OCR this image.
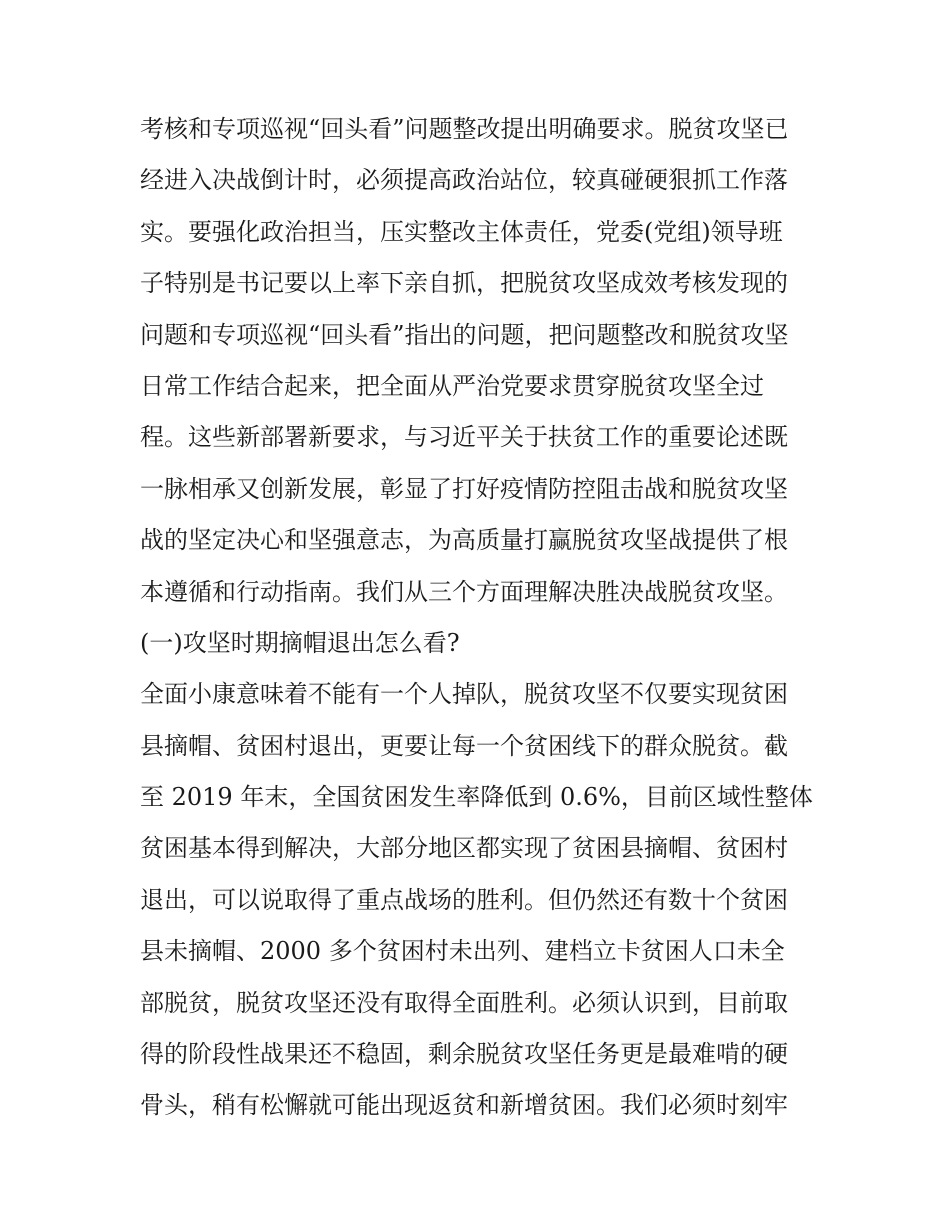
考核和专项巡视“回头看”问题整改提出明确要求。脱贫攻坚已
经进入决战倒计时，必须提高政治站位，较真碰硬狠抓工作落
实。要强化政治担当，压实整改主体责任，党委(党组)领导班
子特别是书记要以上率下亲自抓，把脱贫攻坚成效考核发现的
问题和专项巡视“回头看”指出的问题，把问题整改和脱贫攻坚
日常工作结合起来，把全面从严治党要求贯穿脱贫攻坚全过
程。这些新部署新要求，与习近平关于扶贫工作的重要论述既
一脉相承又创新发展，彰显了打好疫情防控阻击战和脱贫攻坚
战的坚定决心和坚强意志，为高质量打赢脱贫攻坚战提供了根
本遵循和行动指南。我们从三个方面理解决胜决战脱贫攻坚。
(一)攻坚时期摘帽退出怎么看?
全面小康意味着不能有一个人掉队，脱贫攻坚不仅要实现贫困
县摘帽、贫困村退出，更要让每一个贫困线下的群众脱贫。截
至 2019 年末，全国贫困发生率降低到 0.6%，目前区域性整体
贫困基本得到解决，大部分地区都实现了贫困县摘帽、贫困村
退出，可以说取得了重点战场的胜利。但仍然还有数十个贫困
县未摘帽、2000 多个贫困村未出列、建档立卡贫困人口未全
部脱贫，脱贫攻坚还没有取得全面胜利。必须认识到，目前取
得的阶段性战果还不稳固，剩余脱贫攻坚任务更是最难啃的硬
骨头，稍有松懈就可能出现返贫和新增贫困。我们必须时刻牢
